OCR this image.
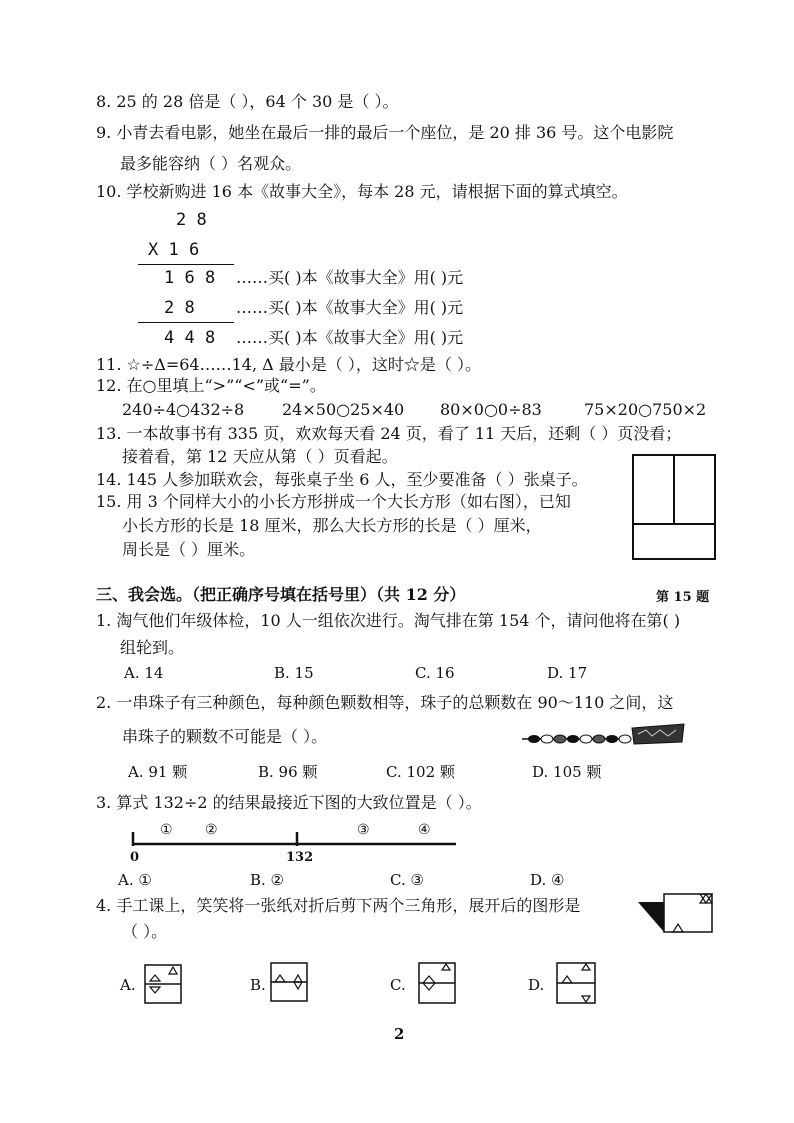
8. 25 的 28 倍是（ ），64 个 30 是（ ）。
9. 小青去看电影，她坐在最后一排的最后一个座位，是 20 排 36 号。这个电影院
最多能容纳（ ）名观众。
10. 学校新购进 16 本《故事大全》，每本 28 元，请根据下面的算式填空。
2 8
X 1 6
1 6 8 ……买( )本《故事大全》用( )元
2 8	……买( )本《故事大全》用( )元
4 4 8 ……买( )本《故事大全》用( )元
11. ☆÷Δ=64……14, Δ 最小是（ ），这时☆是（ ）。
12. 在○里填上“>”“<”或“=”。
240÷4○432÷8 24×50○25×40 80×0○0÷83	75×20○750×2
13. 一本故事书有 335 页，欢欢每天看 24 页，看了 11 天后，还剩（ ）页没看；
接着看，第 12 天应从第（ ）页看起。
14. 145 人参加联欢会，每张桌子坐 6 人，至少要准备（ ）张桌子。
15. 用 3 个同样大小的小长方形拼成一个大长方形（如右图），已知
小长方形的长是 18 厘米，那么大长方形的长是（ ）厘米，
周长是（ ）厘米。
第 15 题
三、我会选。（把正确序号填在括号里）（共 12 分）
1. 淘气他们年级体检，10 人一组依次进行。淘气排在第 154 个，请问他将在第( )
组轮到。
A. 14	B. 15	C. 16	D. 17
2. 一串珠子有三种颜色，每种颜色颗数相等，珠子的总颗数在 90～110 之间，这
串珠子的颗数不可能是（ ）。
A. 91 颗	B. 96 颗	C. 102 颗	D. 105 颗
3. 算式 132÷2 的结果最接近下图的大致位置是（ ）。
① ②	③	④
0	132
A. ①	B. ②	C. ③	D. ④
4. 手工课上，笑笑将一张纸对折后剪下两个三角形，展开后的图形是
（ ）。
A.	B.	C.	D.
2
